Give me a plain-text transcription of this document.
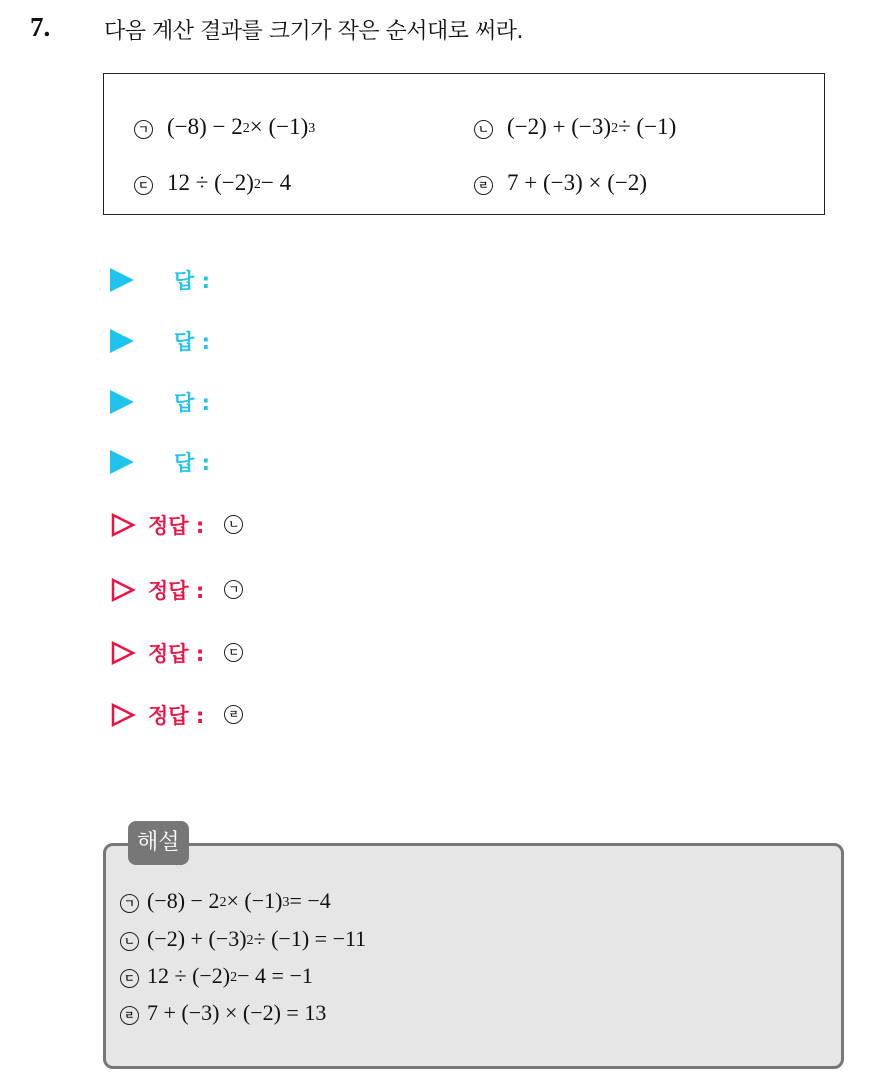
7. 다음 계산 결과를 크기가 작은 순서대로 써라.
ㄱ $(-8) - 2^2 \times (-1)^3$	ㄴ $(-2) + (-3)^2 \div (-1)$
ㄷ $12 \div (-2)^2 - 4$	ㄹ 7 + (−3) × (−2)
답 :
답 :
답 :
답 :
정답 :	ㄴ
정답 :	ㄱ
정답 :	ㄷ
정답 :	ㄹ
ㄱ $(-8) - 2^2 \times (-1)^3 = -4$
ㄴ $(-2) + (-3)^2 \div (-1) = -11$
ㄷ $12 \div (-2)^2 - 4 = -1$
ㄹ 7 + (−3) × (−2) = 13
해설
